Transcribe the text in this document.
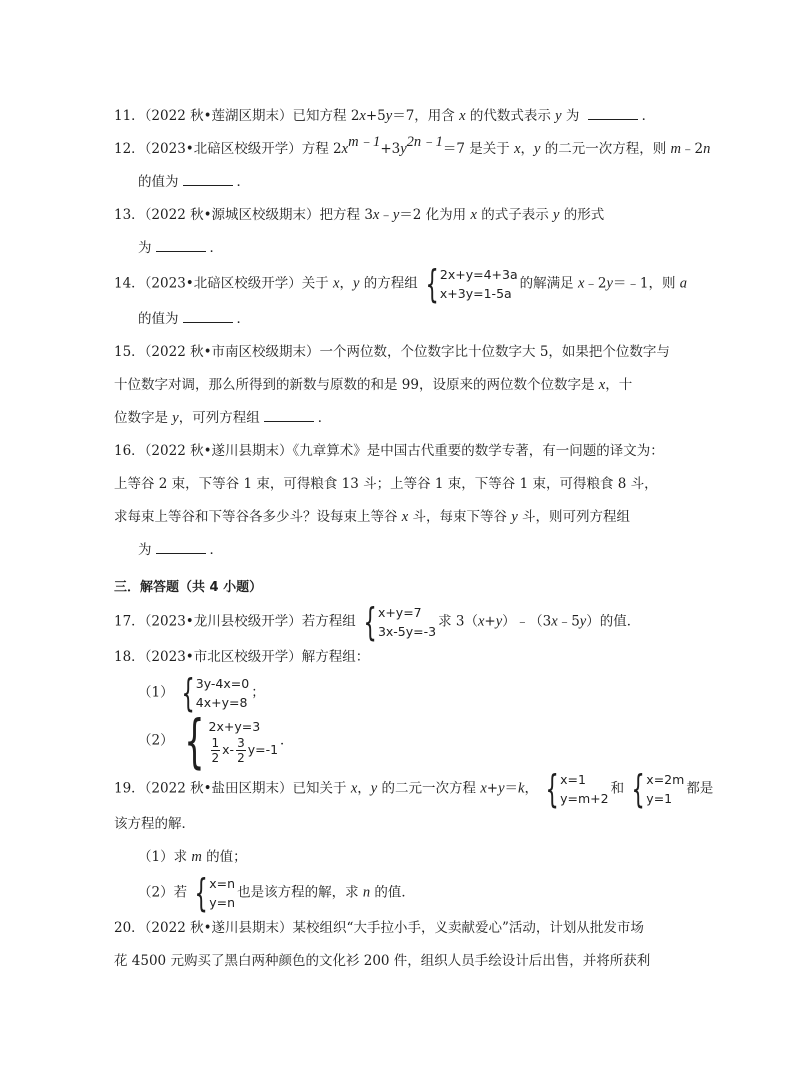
11．（2022 秋•莲湖区期末）已知方程 2x+5y＝7，用含 x 的代数式表示 y 为	．
12．（2023•北碚区校级开学）方程 $2x^{m﹣1}+3y^{2n﹣1}=7$ 是关于 x，y 的二元一次方程，则 m﹣2n
的值为	．
13．（2022 秋•源城区校级期末）把方程 3x﹣y＝2 化为用 x 的式子表示 y 的形式
为	．
14．（2023•北碚区校级开学）关于 x，y 的方程组 { 2x+y=4+3a
x+3y=1-5a
的解满足 x﹣2y＝﹣1，则 a
的值为	．
15．（2022 秋•市南区校级期末）一个两位数，个位数字比十位数字大 5，如果把个位数字与
十位数字对调，那么所得到的新数与原数的和是 99，设原来的两位数个位数字是 x，十
位数字是 y，可列方程组	．
16．（2022 秋•遂川县期末）《九章算术》是中国古代重要的数学专著，有一问题的译文为：
上等谷 2 束，下等谷 1 束，可得粮食 13 斗；上等谷 1 束，下等谷 1 束，可得粮食 8 斗，
求每束上等谷和下等谷各多少斗？设每束上等谷 x 斗，每束下等谷 y 斗，则可列方程组
为	．
三．解答题（共 4 小题）
17．（2023•龙川县校级开学）若方程组 { x+y=7
3x-5y=-3
求 3（x+y）﹣（3x﹣5y）的值．
18．（2023•市北区校级开学）解方程组：
（1） { 3y-4x=0
4x+y=8
；
（2） { 2x+y=3
$\frac{1}{2} x- \frac{3}{2} y=-1$
．
19．（2022 秋•盐田区期末）已知关于 x，y 的二元一次方程 x+y＝k， { x=1
y=m+2
和 { x=2m
y=1
都是
该方程的解．
（1）求 m 的值；
（2）若 { x=n
y=n
也是该方程的解，求 n 的值．
20．（2022 秋•遂川县期末）某校组织“大手拉小手，义卖献爱心”活动，计划从批发市场
花 4500 元购买了黑白两种颜色的文化衫 200 件，组织人员手绘设计后出售，并将所获利
